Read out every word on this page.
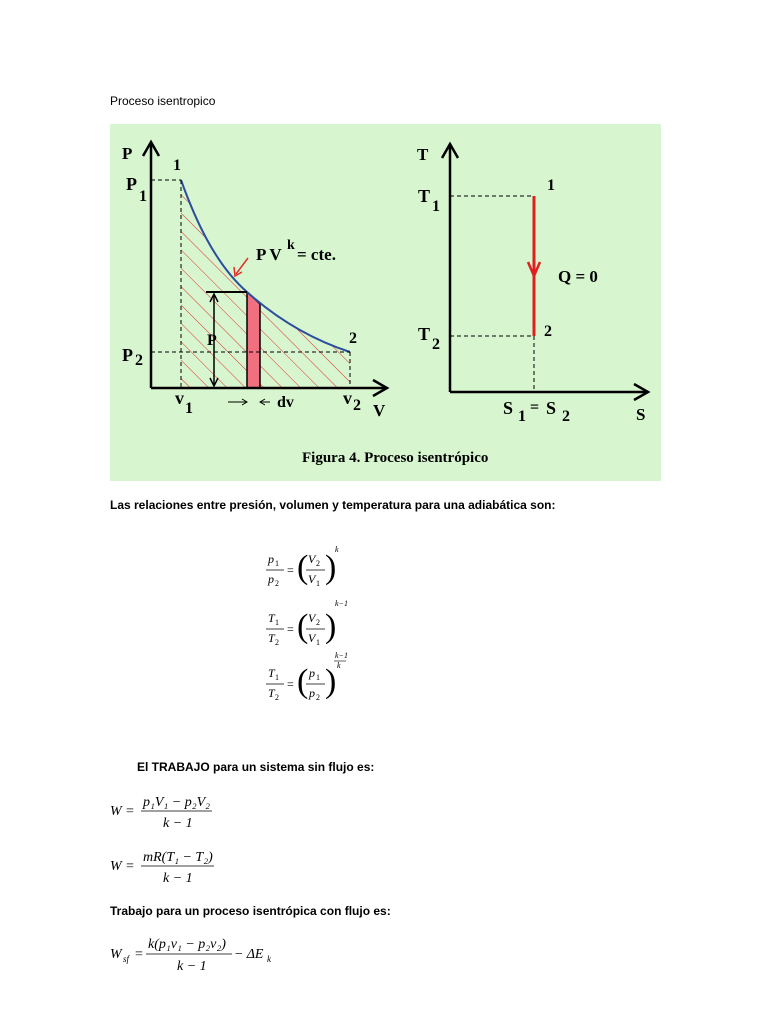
Proceso isentropico
P
V
P
1
P 2
v
1
v 2
1
2
P V k = cte.
P
dv
T
S
T
1
T
2
1
2
Q = 0
S 1
= S 2
Figura 4. Proceso isentrópico
Las relaciones entre presión, volumen y temperatura para una adiabática son:
p 1
p 2
= ( V 2
V 1 )
k
T 1
T 2
= ( V 2
V 1 )
k−1
T 1
T 2
= ( p 1
p 2 )
k−1
k
El TRABAJO para un sistema sin flujo es:
W =
p₁V₁ − p₂V₂
k − 1
W =
mR(T₁ − T₂)
k − 1
Trabajo para un proceso isentrópica con flujo es:
W sf =
k(p₁v₁ − p₂v₂)
k − 1
− ΔE k
